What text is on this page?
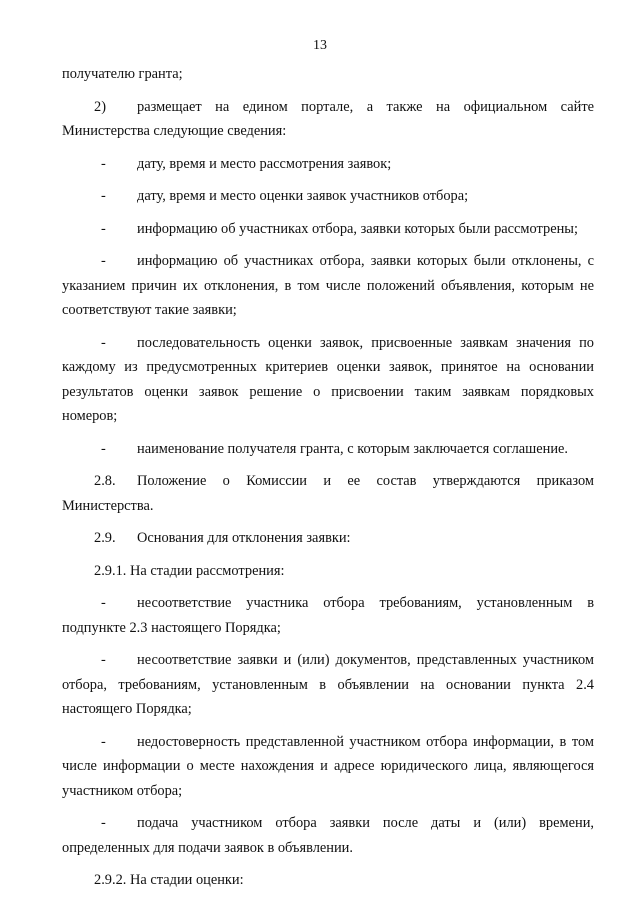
13

получателю гранта;

2) размещает на едином портале, а также на официальном сайте Министерства следующие сведения:

- дату, время и место рассмотрения заявок;

- дату, время и место оценки заявок участников отбора;

- информацию об участниках отбора, заявки которых были рассмотрены;

- информацию об участниках отбора, заявки которых были отклонены, с указанием причин их отклонения, в том числе положений объявления, которым не соответствуют такие заявки;

- последовательность оценки заявок, присвоенные заявкам значения по каждому из предусмотренных критериев оценки заявок, принятое на основании результатов оценки заявок решение о присвоении таким заявкам порядковых номеров;

- наименование получателя гранта, с которым заключается соглашение.

2.8. Положение о Комиссии и ее состав утверждаются приказом Министерства.

2.9. Основания для отклонения заявки:

2.9.1. На стадии рассмотрения:

- несоответствие участника отбора требованиям, установленным в подпункте 2.3 настоящего Порядка;

- несоответствие заявки и (или) документов, представленных участником отбора, требованиям, установленным в объявлении на основании пункта 2.4 настоящего Порядка;

- недостоверность представленной участником отбора информации, в том числе информации о месте нахождения и адресе юридического лица, являющегося участником отбора;

- подача участником отбора заявки после даты и (или) времени, определенных для подачи заявок в объявлении.

2.9.2. На стадии оценки:
